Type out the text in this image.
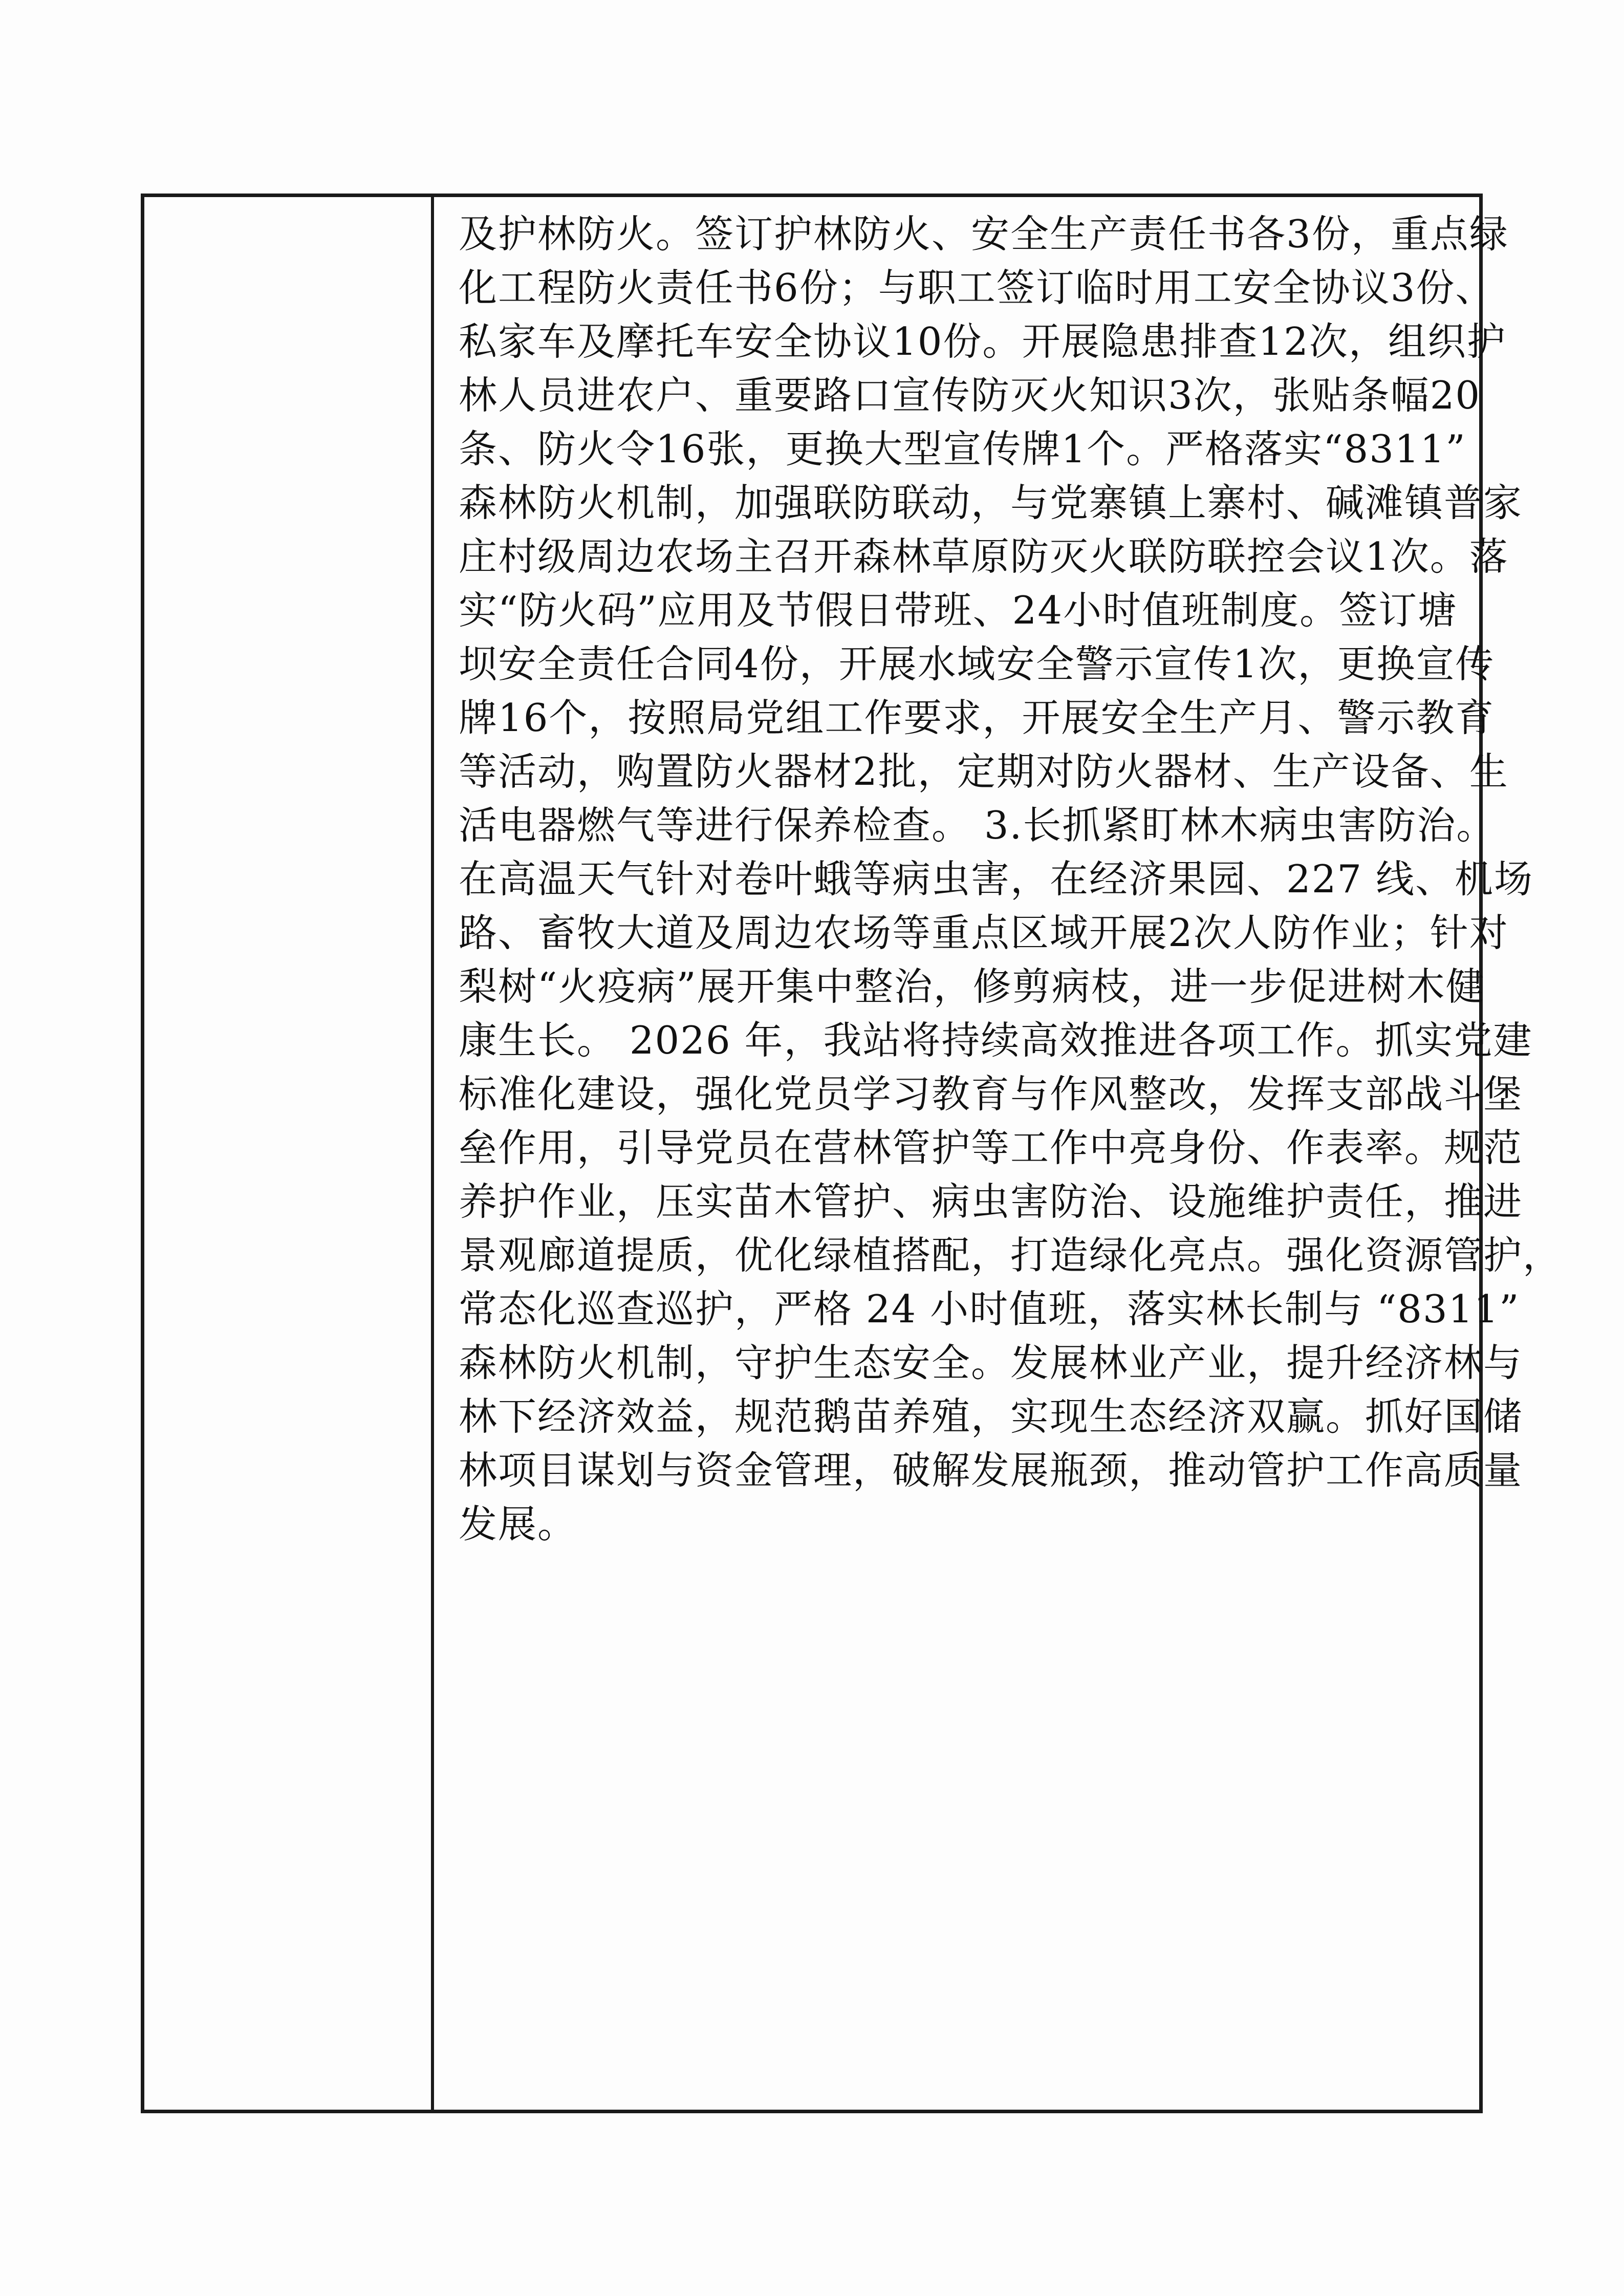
及护林防火。签订护林防火、安全生产责任书各3份，重点绿
化工程防火责任书6份；与职工签订临时用工安全协议3份、
私家车及摩托车安全协议10份。开展隐患排查12次，组织护
林人员进农户、重要路口宣传防灭火知识3次，张贴条幅20
条、防火令16张，更换大型宣传牌1个。严格落实“8311”
森林防火机制，加强联防联动，与党寨镇上寨村、碱滩镇普家
庄村级周边农场主召开森林草原防灭火联防联控会议1次。落
实“防火码”应用及节假日带班、24小时值班制度。签订塘
坝安全责任合同4份，开展水域安全警示宣传1次，更换宣传
牌16个，按照局党组工作要求，开展安全生产月、警示教育
等活动，购置防火器材2批，定期对防火器材、生产设备、生
活电器燃气等进行保养检查。 3.长抓紧盯林木病虫害防治。
在高温天气针对卷叶蛾等病虫害，在经济果园、227 线、机场
路、畜牧大道及周边农场等重点区域开展2次人防作业；针对
梨树“火疫病”展开集中整治，修剪病枝，进一步促进树木健
康生长。 2026 年，我站将持续高效推进各项工作。抓实党建
标准化建设，强化党员学习教育与作风整改，发挥支部战斗堡
垒作用，引导党员在营林管护等工作中亮身份、作表率。规范
养护作业，压实苗木管护、病虫害防治、设施维护责任，推进
景观廊道提质，优化绿植搭配，打造绿化亮点。强化资源管护，
常态化巡查巡护，严格 24 小时值班，落实林长制与 “8311”
森林防火机制，守护生态安全。发展林业产业，提升经济林与
林下经济效益，规范鹅苗养殖，实现生态经济双赢。抓好国储
林项目谋划与资金管理，破解发展瓶颈，推动管护工作高质量
发展。
